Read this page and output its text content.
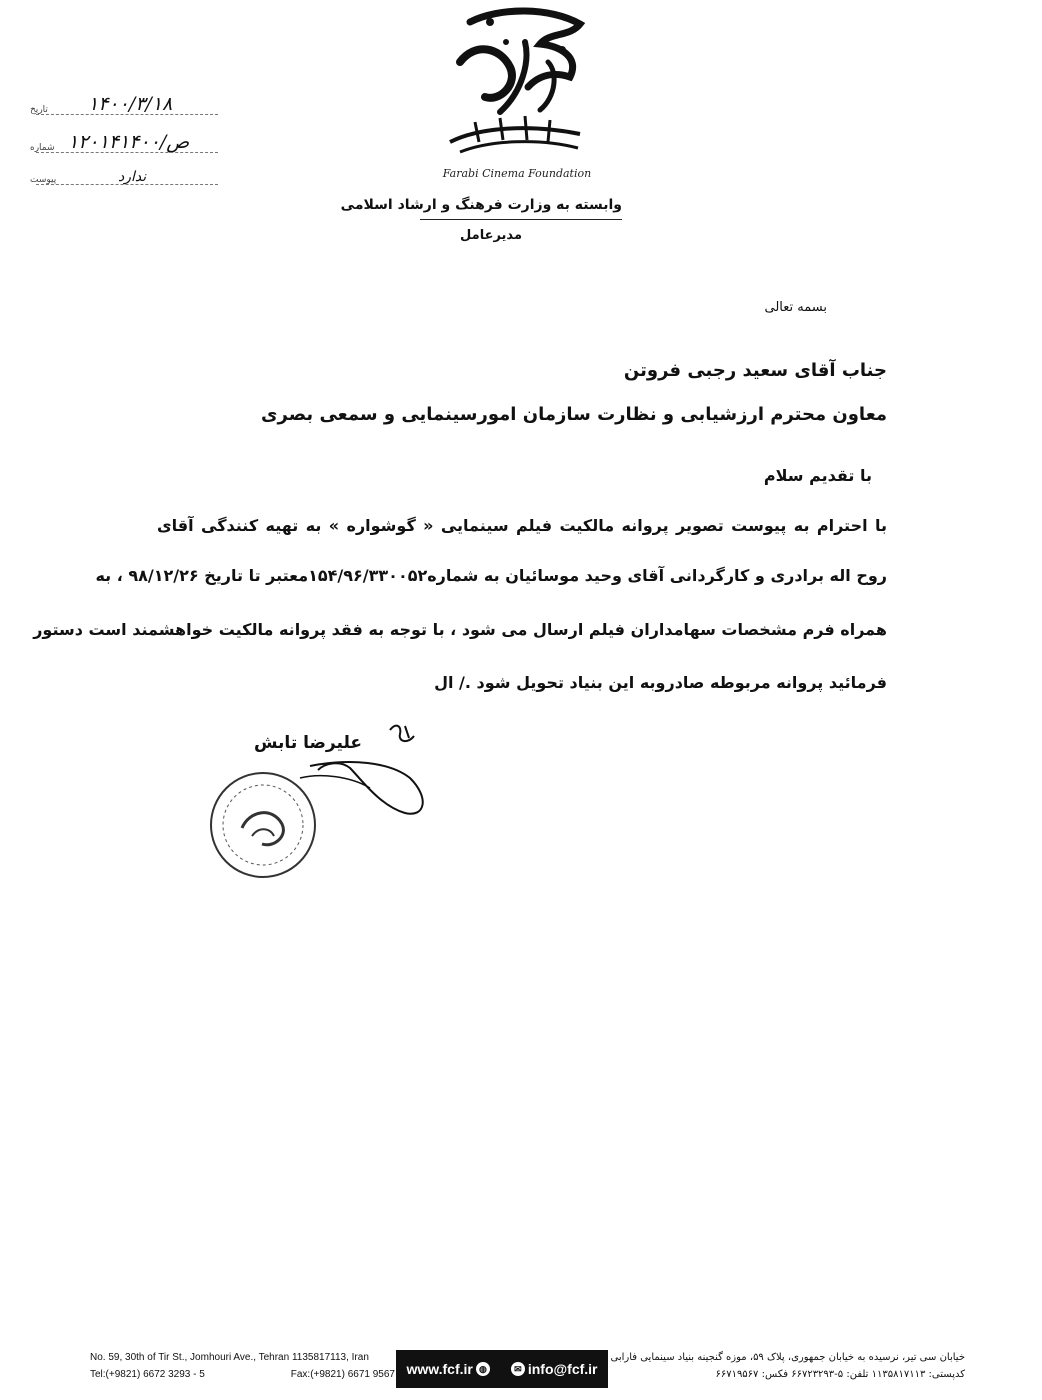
Farabi Cinema Foundation
وابسته به وزارت فرهنگ و ارشاد اسلامی
مدیرعامل
۱۴۰۰/۳/۱۸
تاریخ
۱۲۰۱۴ص/۱۴۰۰
شماره
ندارد
پیوست
بسمه تعالی
جناب آقای سعید رجبی فروتن
معاون محترم ارزشیابی و نظارت سازمان امورسینمایی و سمعی بصری
با تقدیم سلام
با احترام به پیوست تصویر پروانه مالکیت فیلم سینمایی « گوشواره » به تهیه کنندگی آقای
روح اله برادری و کارگردانی آقای وحید موسائیان به شماره۱۵۴/۹۶/۳۳۰۰۵۲معتبر تا تاریخ ۹۸/۱۲/۲۶ ، به
همراه فرم مشخصات سهامداران فیلم ارسال می شود ، با توجه به فقد پروانه مالکیت خواهشمند است دستور
فرمائید پروانه مربوطه صادروبه این بنیاد تحویل شود ./ ال
علیرضا تابش
No. 59, 30th of Tir St., Jomhouri Ave., Tehran 1135817113, Iran
Tel:(+9821) 6672 3293 - 5	Fax:(+9821) 6671 9567 www.fcf.ir ◍	✉ info@fcf.ir
خیابان سی تیر، نرسیده به خیابان جمهوری، پلاک ۵۹، موزه گنجینه بنیاد سینمایی فارابی
کدپستی: ۱۱۳۵۸۱۷۱۱۳ تلفن: ۵-۶۶۷۲۳۲۹۳ فکس: ۶۶۷۱۹۵۶۷
